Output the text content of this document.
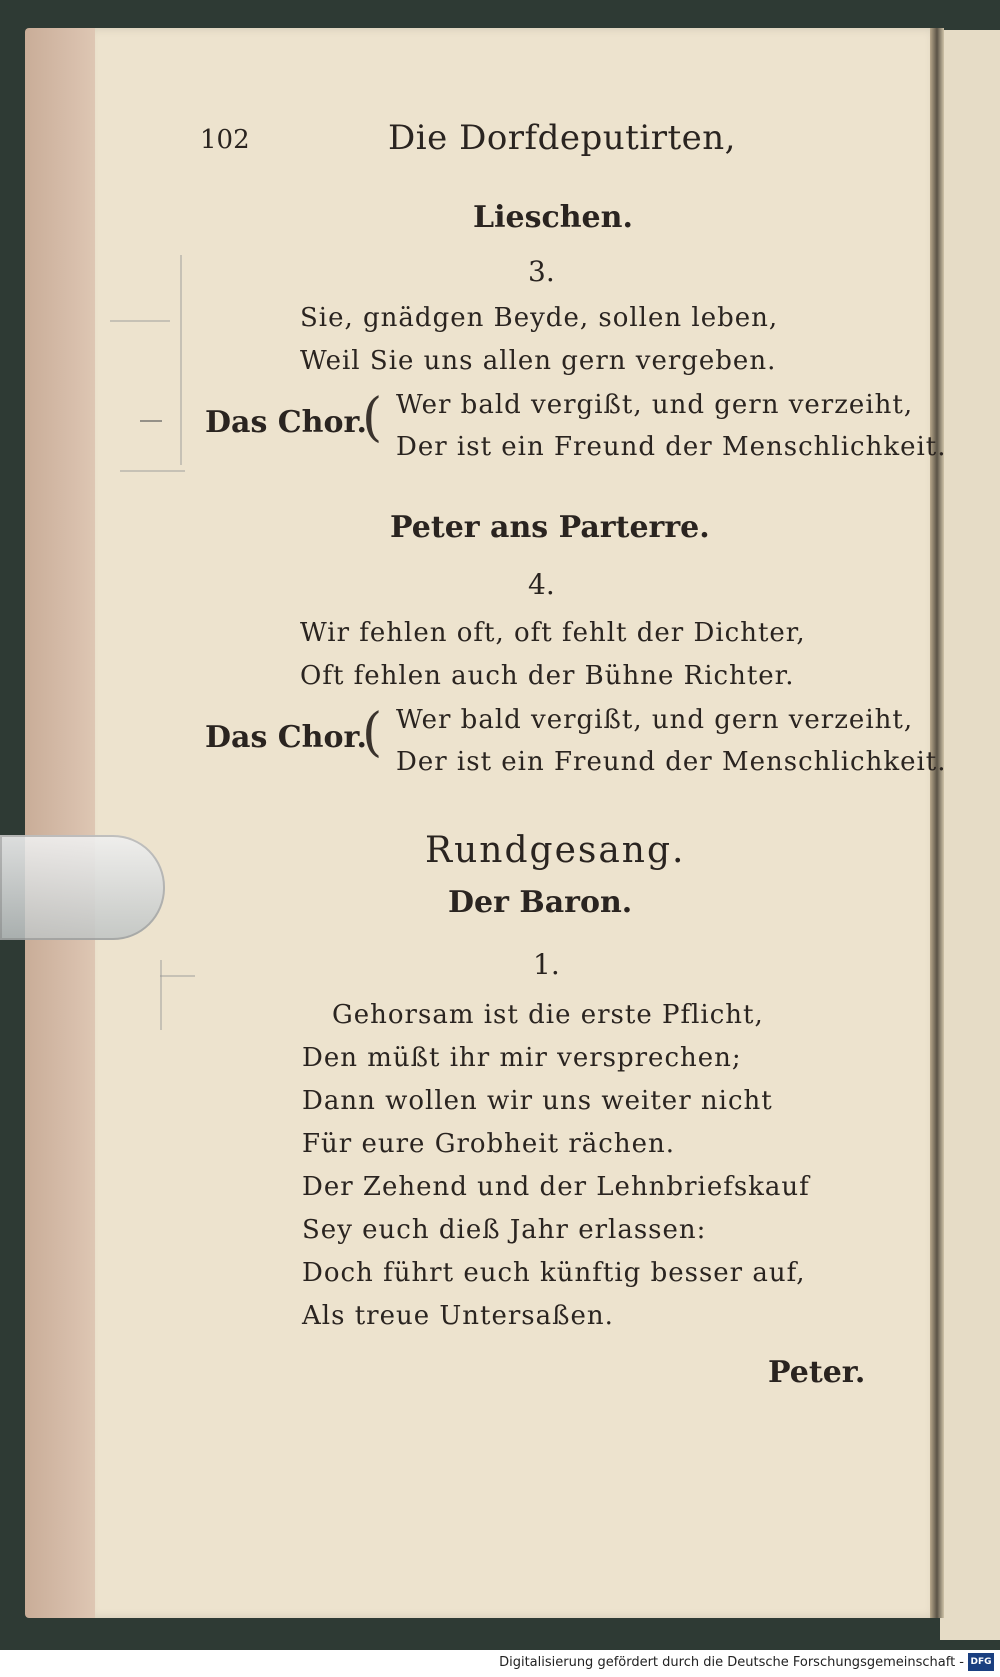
102	Die Dorfdeputirten,
Lieschen.
3.
Sie, gnädgen Beyde, sollen leben,
Weil Sie uns allen gern vergeben.
Das Chor.
( Wer bald vergißt, und gern verzeiht,
Der ist ein Freund der Menschlichkeit.
Peter ans Parterre.
4.
Wir fehlen oft, oft fehlt der Dichter,
Oft fehlen auch der Bühne Richter.
Das Chor.
( Wer bald vergißt, und gern verzeiht,
Der ist ein Freund der Menschlichkeit.
Rundgesang.
Der Baron.
1.
Gehorsam ist die erste Pflicht,
Den müßt ihr mir versprechen;
Dann wollen wir uns weiter nicht
Für eure Grobheit rächen.
Der Zehend und der Lehnbriefskauf
Sey euch dieß Jahr erlassen:
Doch führt euch künftig besser auf,
Als treue Untersaßen.
Peter.
Digitalisierung gefördert durch die Deutsche Forschungsgemeinschaft - DFG
